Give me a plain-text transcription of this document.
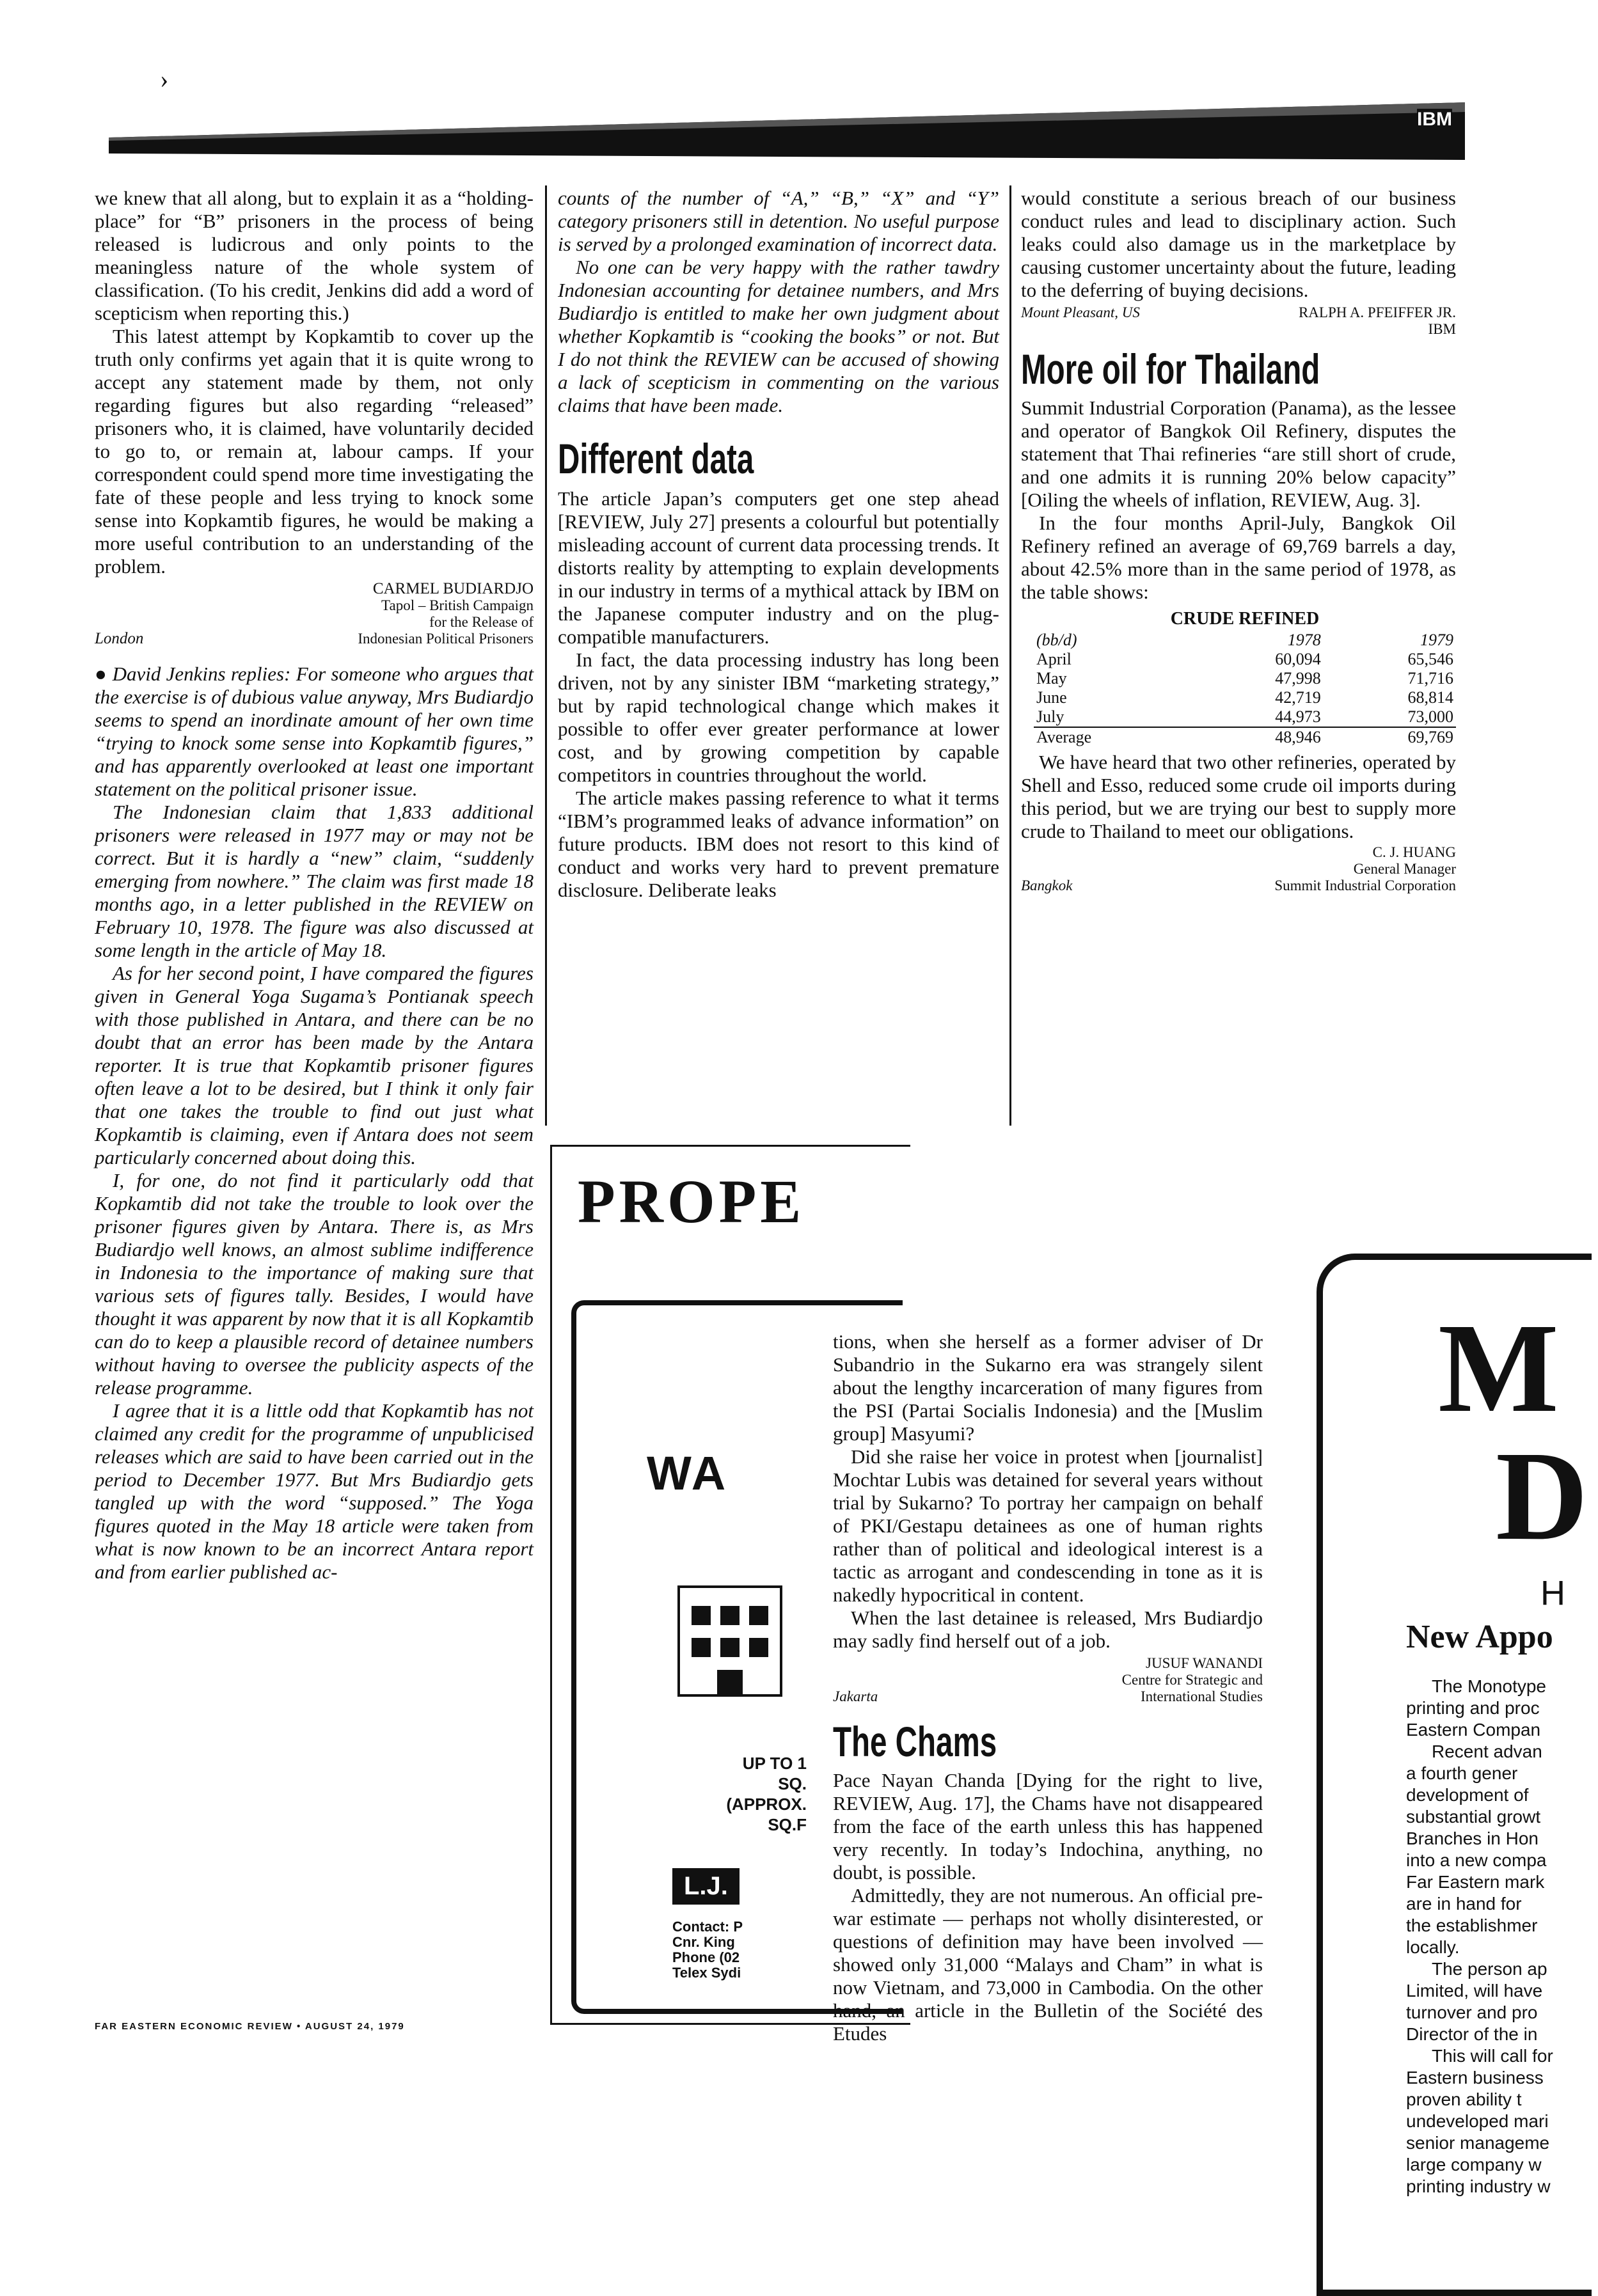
IBM
›

we knew that all along, but to explain it as a “holding-place” for “B” prisoners in the process of being released is ludicrous and only points to the meaningless nature of the whole system of classification. (To his credit, Jenkins did add a word of scepticism when reporting this.)

This latest attempt by Kopkamtib to cover up the truth only confirms yet again that it is quite wrong to accept any statement made by them, not only regarding figures but also regarding “released” prisoners who, it is claimed, have voluntarily decided to go to, or remain at, labour camps. If your correspondent could spend more time investigating the fate of these people and less trying to knock some sense into Kopkamtib figures, he would be making a more useful contribution to an understanding of the problem.

CARMEL BUDIARDJO
Tapol – British Campaign
for the Release of
London	Indonesian Political Prisoners

● David Jenkins replies: For someone who argues that the exercise is of dubious value anyway, Mrs Budiardjo seems to spend an inordinate amount of her own time “trying to knock some sense into Kopkamtib figures,” and has apparently overlooked at least one important statement on the political prisoner issue.

The Indonesian claim that 1,833 additional prisoners were released in 1977 may or may not be correct. But it is hardly a “new” claim, “suddenly emerging from nowhere.” The claim was first made 18 months ago, in a letter published in the REVIEW on February 10, 1978. The figure was also discussed at some length in the article of May 18.

As for her second point, I have compared the figures given in General Yoga Sugama’s Pontianak speech with those published in Antara, and there can be no doubt that an error has been made by the Antara reporter. It is true that Kopkamtib prisoner figures often leave a lot to be desired, but I think it only fair that one takes the trouble to find out just what Kopkamtib is claiming, even if Antara does not seem particularly concerned about doing this.

I, for one, do not find it particularly odd that Kopkamtib did not take the trouble to look over the prisoner figures given by Antara. There is, as Mrs Budiardjo well knows, an almost sublime indifference in Indonesia to the importance of making sure that various sets of figures tally. Besides, I would have thought it was apparent by now that it is all Kopkamtib can do to keep a plausible record of detainee numbers without having to oversee the publicity aspects of the release programme.

I agree that it is a little odd that Kopkamtib has not claimed any credit for the programme of unpublicised releases which are said to have been carried out in the period to December 1977. But Mrs Budiardjo gets tangled up with the word “supposed.” The Yoga figures quoted in the May 18 article were taken from what is now known to be an incorrect Antara report and from earlier published ac-

FAR EASTERN ECONOMIC REVIEW • AUGUST 24, 1979

counts of the number of “A,” “B,” “X” and “Y” category prisoners still in detention. No useful purpose is served by a prolonged examination of incorrect data.

No one can be very happy with the rather tawdry Indonesian accounting for detainee numbers, and Mrs Budiardjo is entitled to make her own judgment about whether Kopkamtib is “cooking the books” or not. But I do not think the REVIEW can be accused of showing a lack of scepticism in commenting on the various claims that have been made.

Different data

The article Japan’s computers get one step ahead [REVIEW, July 27] presents a colourful but potentially misleading account of current data processing trends. It distorts reality by attempting to explain developments in our industry in terms of a mythical attack by IBM on the Japanese computer industry and on the plug-compatible manufacturers.

In fact, the data processing industry has long been driven, not by any sinister IBM “marketing strategy,” but by rapid technological change which makes it possible to offer ever greater performance at lower cost, and by growing competition by capable competitors in countries throughout the world.

The article makes passing reference to what it terms “IBM’s programmed leaks of advance information” on future products. IBM does not resort to this kind of conduct and works very hard to prevent premature disclosure. Deliberate leaks

would constitute a serious breach of our business conduct rules and lead to disciplinary action. Such leaks could also damage us in the marketplace by causing customer uncertainty about the future, leading to the deferring of buying decisions.

Mount Pleasant, US	RALPH A. PFEIFFER JR.
IBM
More oil for Thailand

Summit Industrial Corporation (Panama), as the lessee and operator of Bangkok Oil Refinery, disputes the statement that Thai refineries “are still short of crude, and one admits it is running 20% below capacity” [Oiling the wheels of inflation, REVIEW, Aug. 3].

In the four months April-July, Bangkok Oil Refinery refined an average of 69,769 barrels a day, about 42.5% more than in the same period of 1978, as the table shows:

CRUDE REFINED
(bb/d)	1978	1979
April	60,094	65,546
May	47,998	71,716
June	42,719	68,814
July	44,973	73,000
Average	48,946	69,769

We have heard that two other refineries, operated by Shell and Esso, reduced some crude oil imports during this period, but we are trying our best to supply more crude to Thailand to meet our obligations.

C. J. HUANG
General Manager
Bangkok	Summit Industrial Corporation
PROPE
WA
UP TO 1
SQ.
(APPROX.
SQ.F
L.J.
Contact: P
Cnr. King
Phone (02
Telex Sydi

tions, when she herself as a former adviser of Dr Subandrio in the Sukarno era was strangely silent about the lengthy incarceration of many figures from the PSI (Partai Socialis Indonesia) and the [Muslim group] Masyumi?

Did she raise her voice in protest when [journalist] Mochtar Lubis was detained for several years without trial by Sukarno? To portray her campaign on behalf of PKI/Gestapu detainees as one of human rights rather than of political and ideological interest is a tactic as arrogant and condescending in tone as it is nakedly hypocritical in content.

When the last detainee is released, Mrs Budiardjo may sadly find herself out of a job.

JUSUF WANANDI
Centre for Strategic and
Jakarta	International Studies
The Chams

Pace Nayan Chanda [Dying for the right to live, REVIEW, Aug. 17], the Chams have not disappeared from the face of the earth unless this has happened very recently. In today’s Indochina, anything, no doubt, is possible.

Admittedly, they are not numerous. An official pre-war estimate — perhaps not wholly disinterested, or questions of definition may have been involved — showed only 31,000 “Malays and Cham” in what is now Vietnam, and 73,000 in Cambodia. On the other hand, an article in the Bulletin of the Société des Etudes

M
D
H
New Appo
The Monotype
printing and proc
Eastern Compan
Recent advan
a fourth gener
development of
substantial growt
Branches in Hon
into a new compa
Far Eastern mark
are in hand for
the establishmer
locally.
The person ap
Limited, will have
turnover and pro
Director of the in
This will call for
Eastern business
proven ability t
undeveloped mari
senior manageme
large company w
printing industry w
